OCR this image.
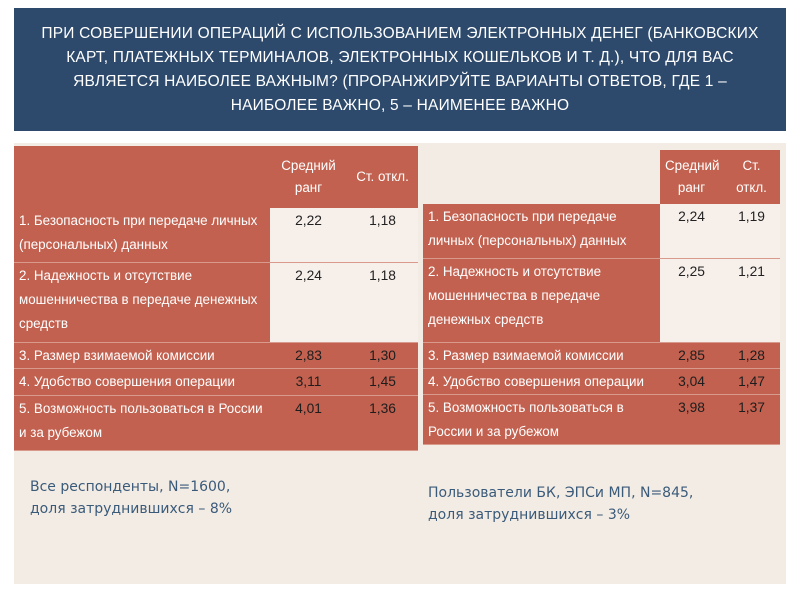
ПРИ СОВЕРШЕНИИ ОПЕРАЦИЙ С ИСПОЛЬЗОВАНИЕМ ЭЛЕКТРОННЫХ ДЕНЕГ (БАНКОВСКИХ КАРТ, ПЛАТЕЖНЫХ ТЕРМИНАЛОВ, ЭЛЕКТРОННЫХ КОШЕЛЬКОВ И Т. Д.), ЧТО ДЛЯ ВАС ЯВЛЯЕТСЯ НАИБОЛЕЕ ВАЖНЫМ? (ПРОРАНЖИРУЙТЕ ВАРИАНТЫ ОТВЕТОВ, ГДЕ 1 – НАИБОЛЕЕ ВАЖНО, 5 – НАИМЕНЕЕ ВАЖНО
	Средний ранг	Ст. откл.
1. Безопасность при передаче личных (персональных) данных	2,22	1,18
2. Надежность и отсутствие мошенничества в передаче денежных средств	2,24	1,18
3. Размер взимаемой комиссии	2,83	1,30
4. Удобство совершения операции	3,11	1,45
5. Возможность пользоваться в России и за рубежом	4,01	1,36
	Средний ранг	Ст. откл.
1. Безопасность при передаче личных (персональных) данных	2,24	1,19
2. Надежность и отсутствие мошенничества в передаче денежных средств	2,25	1,21
3. Размер взимаемой комиссии	2,85	1,28
4. Удобство совершения операции	3,04	1,47
5. Возможность пользоваться в России и за рубежом	3,98	1,37
Все респонденты, N=1600,
доля затруднившихся – 8%
Пользователи БК, ЭПСи МП, N=845,
доля затруднившихся – 3%
